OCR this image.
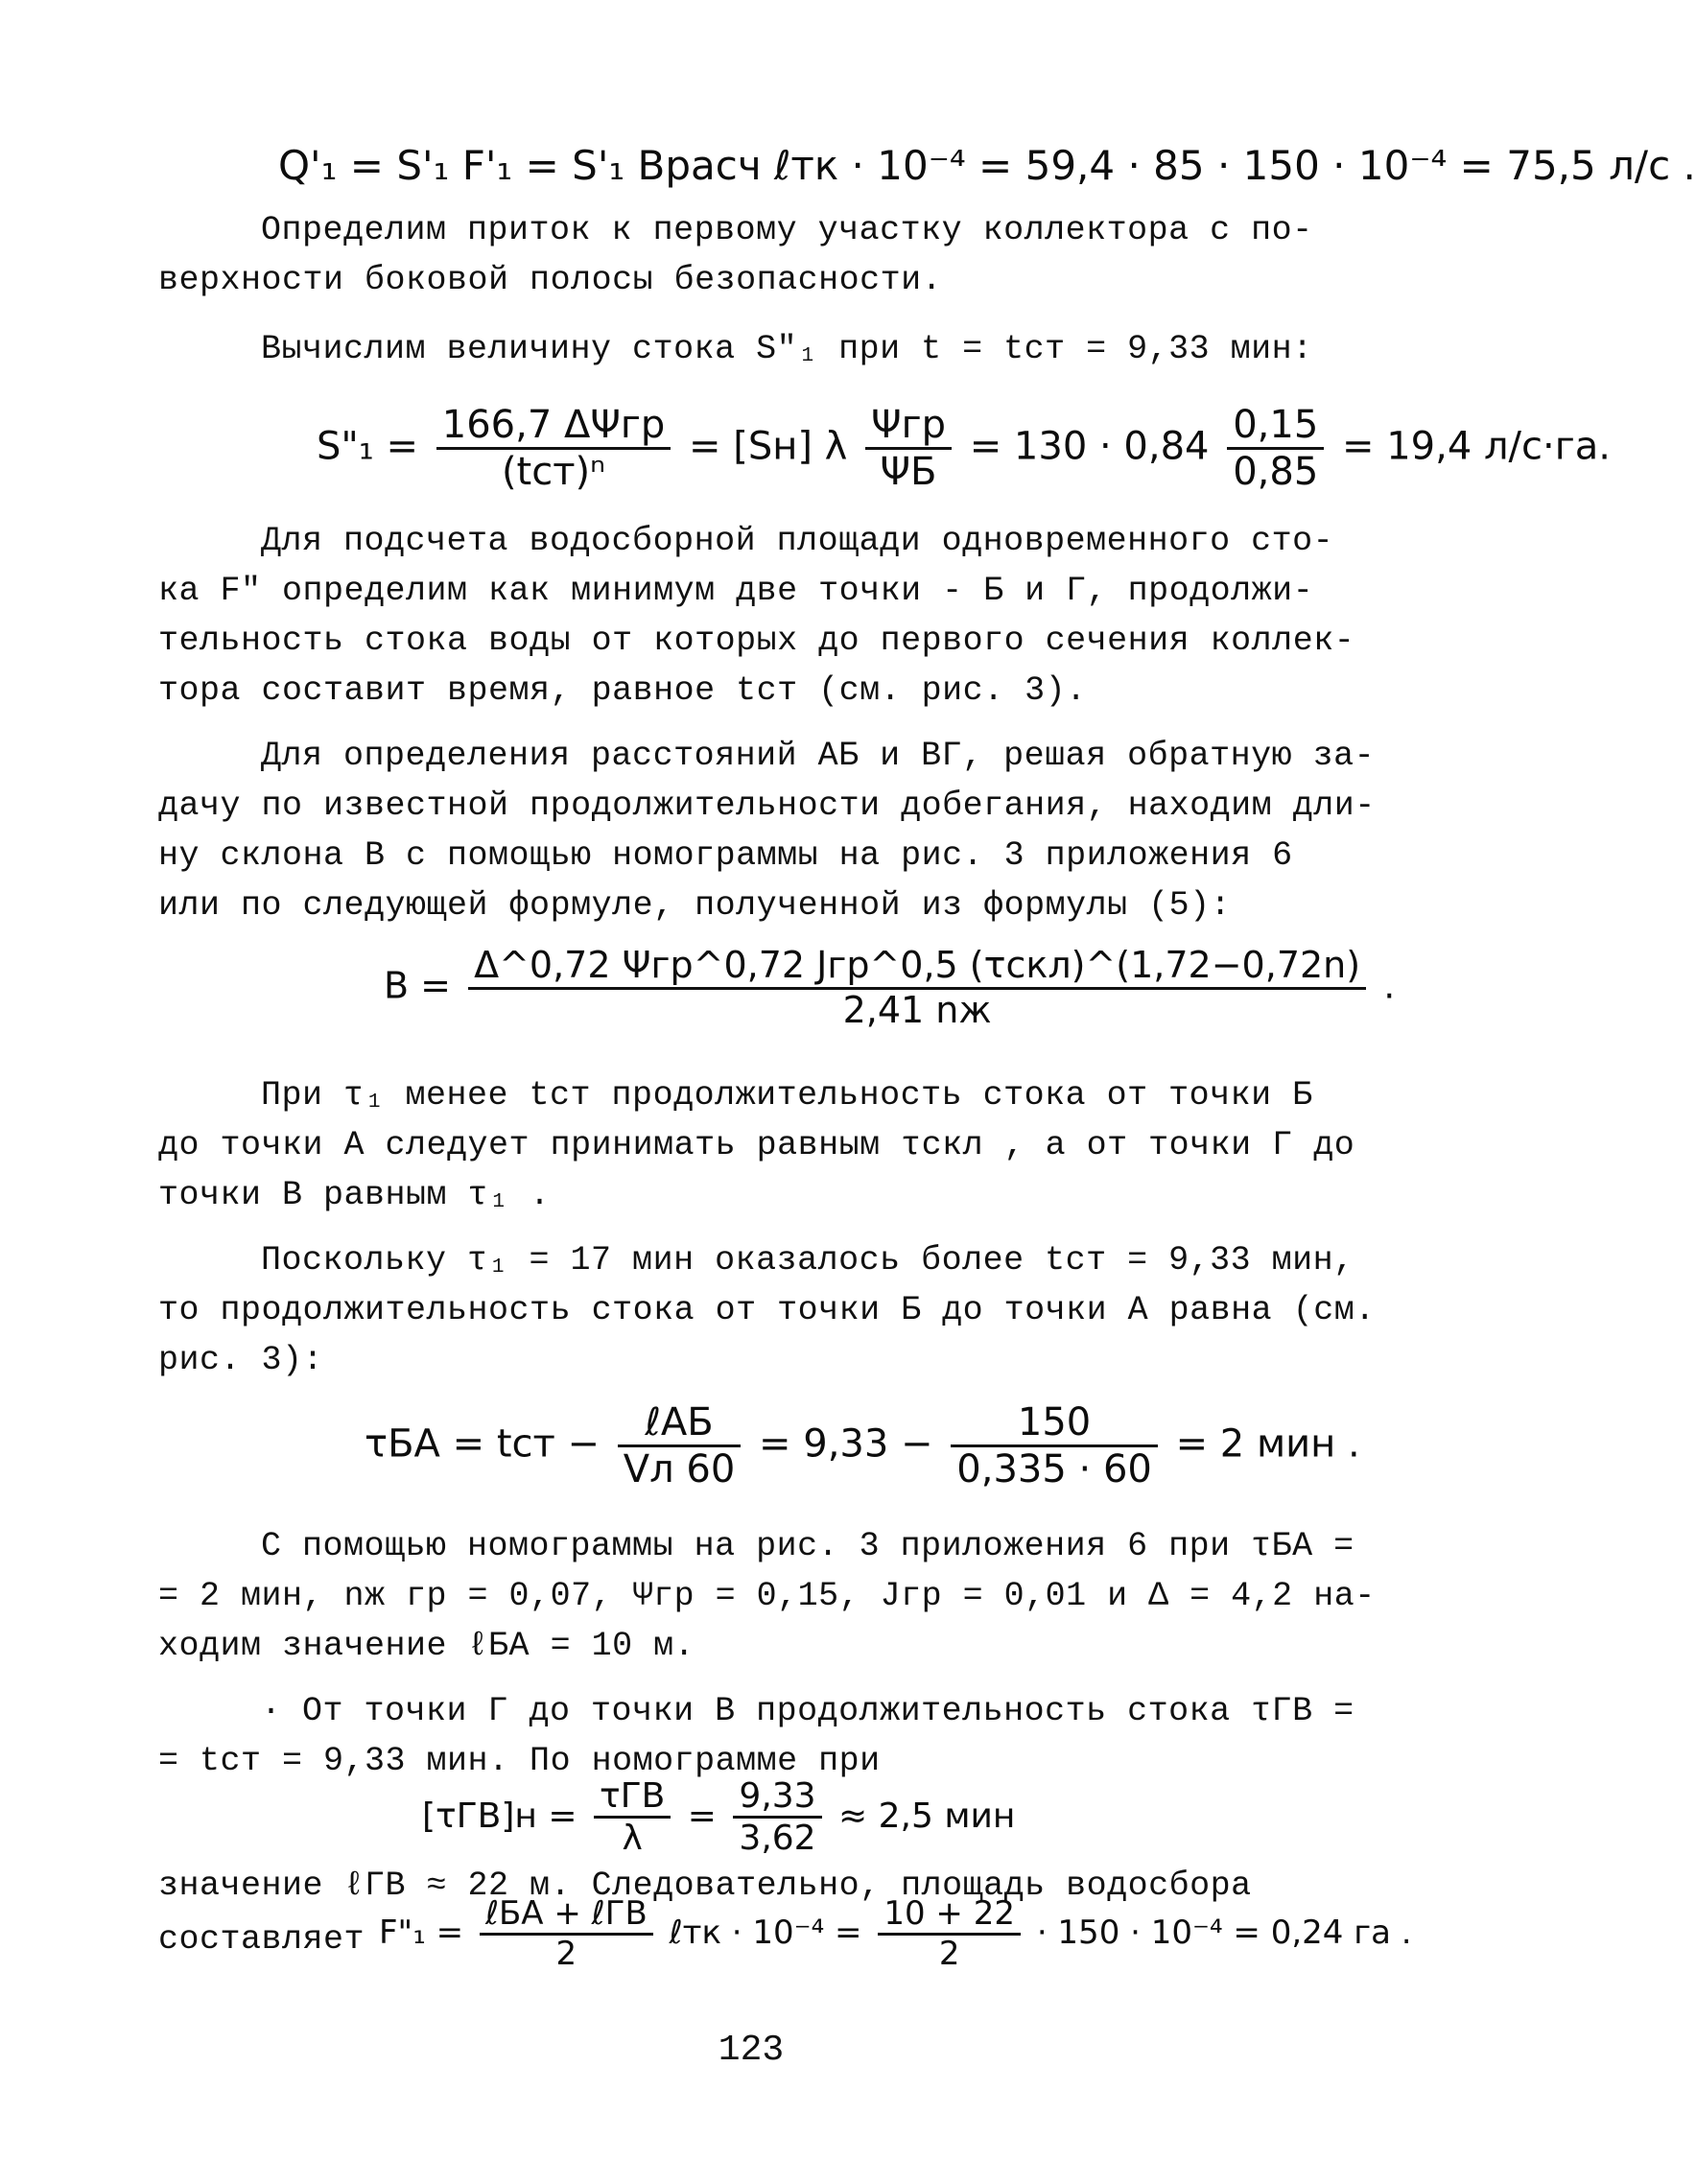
Q'₁ = S'₁ F'₁ = S'₁ Bрасч ℓтк · 10⁻⁴ = 59,4 · 85 · 150 · 10⁻⁴ = 75,5 л/с .
Определим приток к первому участку коллектора с по-
верхности боковой полосы безопасности.
Вычислим величину стока S"₁ при t = tст = 9,33 мин:
S"₁ = $\frac{\text{166,7 ΔΨгр}}{\text{(tст)ⁿ}} = [Sн]$ λ $\frac{\text{Ψгр}}{\Psi Б} = 130 \cdot 0,84 \frac{0,15}{0,85} = 19,4$ л/с·га.
Для подсчета водосборной площади одновременного сто-
ка F" определим как минимум две точки - Б и Г, продолжи-
тельность стока воды от которых до первого сечения коллек-
тора составит время, равное tст (см. рис. 3).
Для определения расстояний АБ и ВГ, решая обратную за-
дачу по известной продолжительности добегания, находим дли-
ну склона В с помощью номограммы на рис. 3 приложения 6
или по следующей формуле, полученной из формулы (5):
$B = \frac{\text{Δ\textasciicircum{}0,72 Ψгр\textasciicircum{}0,72 Jгр\textasciicircum{}0,5 (τскл)\textasciicircum{}(1,72−0,72n)}}{2,41 nж}$ .
При τ₁ менее tст продолжительность стока от точки Б
до точки А следует принимать равным τскл , а от точки Г до
точки В равным τ₁ .
Поскольку τ₁ = 17 мин оказалось более tст = 9,33 мин,
то продолжительность стока от точки Б до точки А равна (см.
рис. 3):
τБА = tст − $\frac{\text{ℓАБ}}{Vл 60} = 9,33 - \frac{150}{0,335 \cdot 60} = 2$ мин .
С помощью номограммы на рис. 3 приложения 6 при τБА =
= 2 мин, nж гр = 0,07, Ψгр = 0,15, Jгр = 0,01 и Δ = 4,2 на-
ходим значение ℓБА = 10 м.
· От точки Г до точки В продолжительность стока τГВ =
= tст = 9,33 мин. По номограмме при
$[\tau ГВ]н = \frac{\text{τГВ}}{\lambda} = \frac{9,33}{3,62} \approx 2,5$ мин
значение ℓГВ ≈ 22 м. Следовательно, площадь водосбора
составляет F"₁ = $\frac{\text{ℓБА + ℓГВ}}{2}$ ℓтк · $10^{-4} = \frac{10 + 22}{2} \cdot 150 \cdot 10^{-4} = 0,24$ га .
123
